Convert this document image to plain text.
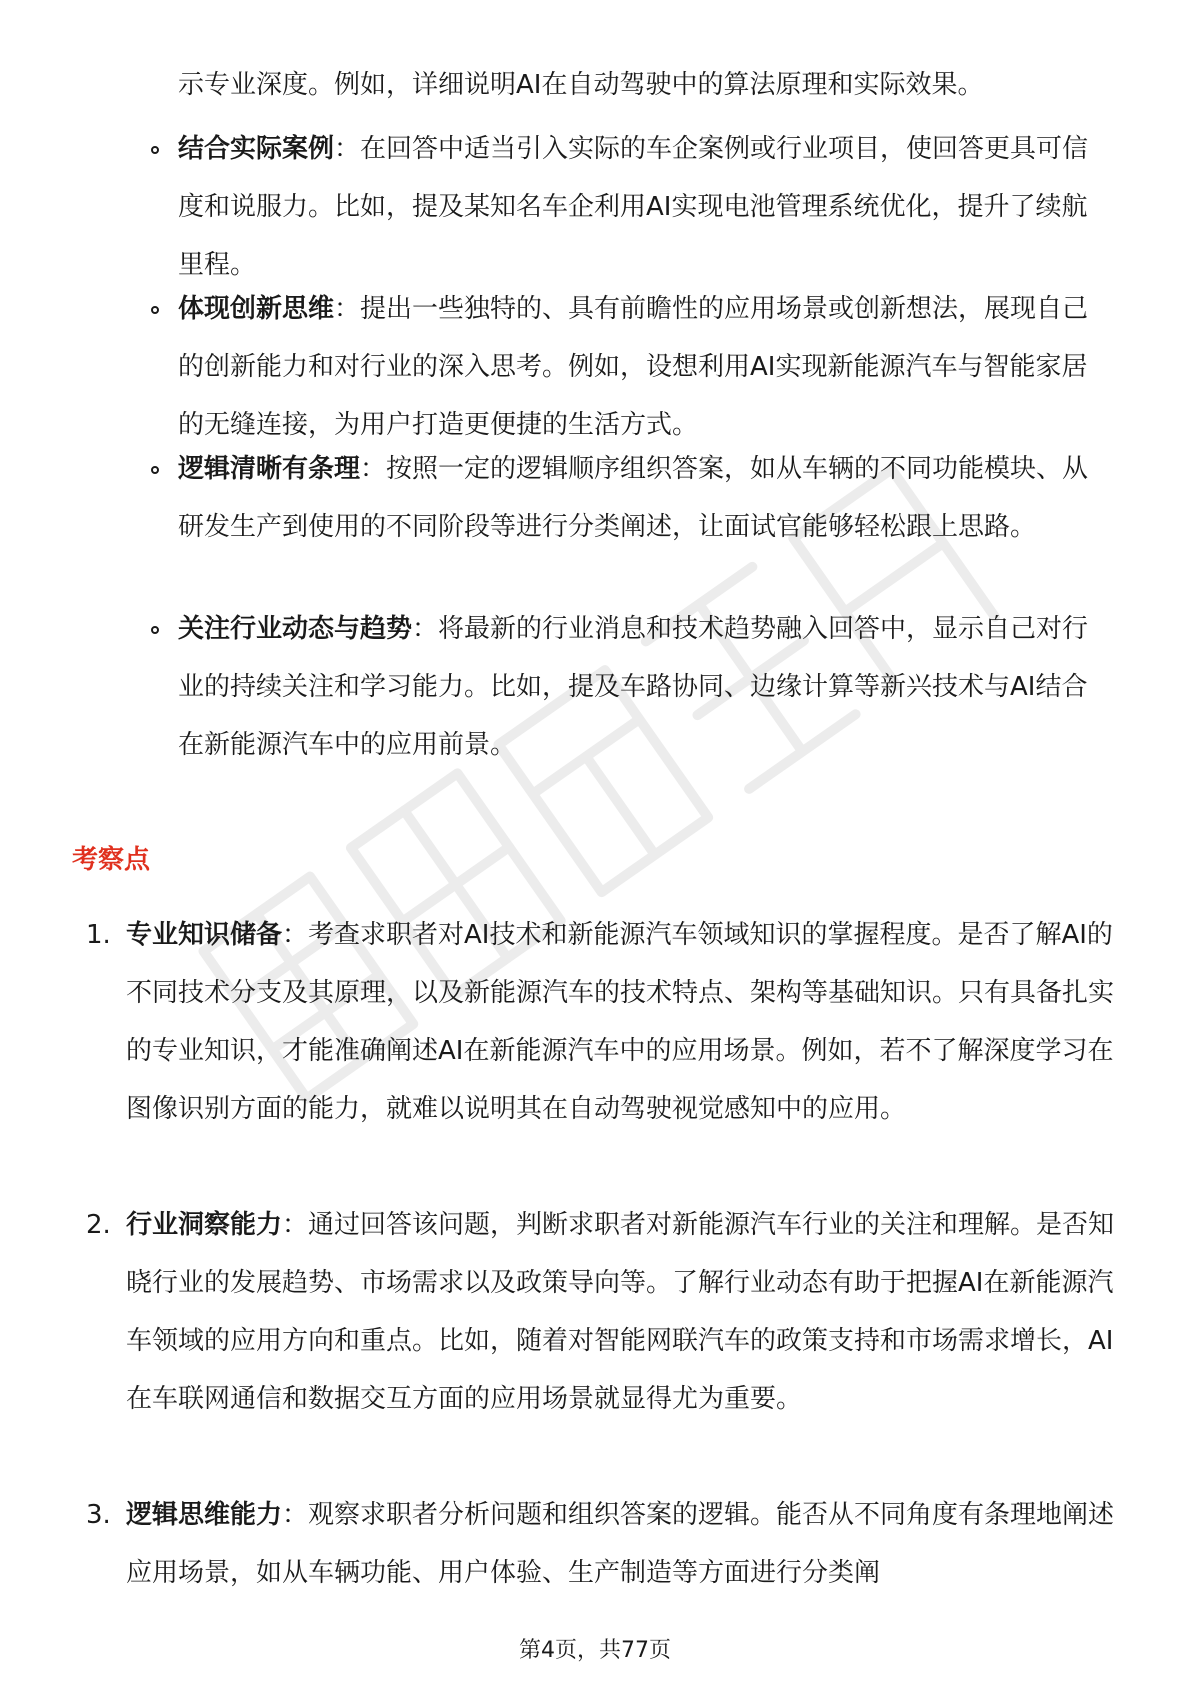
示专业深度。例如，详细说明AI在自动驾驶中的算法原理和实际效果。

结合实际案例：在回答中适当引入实际的车企案例或行业项目，使回答更具可信度和说服力。比如，提及某知名车企利用AI实现电池管理系统优化，提升了续航里程。
体现创新思维：提出一些独特的、具有前瞻性的应用场景或创新想法，展现自己的创新能力和对行业的深入思考。例如，设想利用AI实现新能源汽车与智能家居的无缝连接，为用户打造更便捷的生活方式。
逻辑清晰有条理：按照一定的逻辑顺序组织答案，如从车辆的不同功能模块、从研发生产到使用的不同阶段等进行分类阐述，让面试官能够轻松跟上思路。
关注行业动态与趋势：将最新的行业消息和技术趋势融入回答中，显示自己对行业的持续关注和学习能力。比如，提及车路协同、边缘计算等新兴技术与AI结合在新能源汽车中的应用前景。
考察点
1. 专业知识储备：考查求职者对AI技术和新能源汽车领域知识的掌握程度。是否了解AI的不同技术分支及其原理，以及新能源汽车的技术特点、架构等基础知识。只有具备扎实的专业知识，才能准确阐述AI在新能源汽车中的应用场景。例如，若不了解深度学习在图像识别方面的能力，就难以说明其在自动驾驶视觉感知中的应用。
2. 行业洞察能力：通过回答该问题，判断求职者对新能源汽车行业的关注和理解。是否知晓行业的发展趋势、市场需求以及政策导向等。了解行业动态有助于把握AI在新能源汽车领域的应用方向和重点。比如，随着对智能网联汽车的政策支持和市场需求增长，AI在车联网通信和数据交互方面的应用场景就显得尤为重要。
3. 逻辑思维能力：观察求职者分析问题和组织答案的逻辑。能否从不同角度有条理地阐述应用场景，如从车辆功能、用户体验、生产制造等方面进行分类阐
第4页，共77页
